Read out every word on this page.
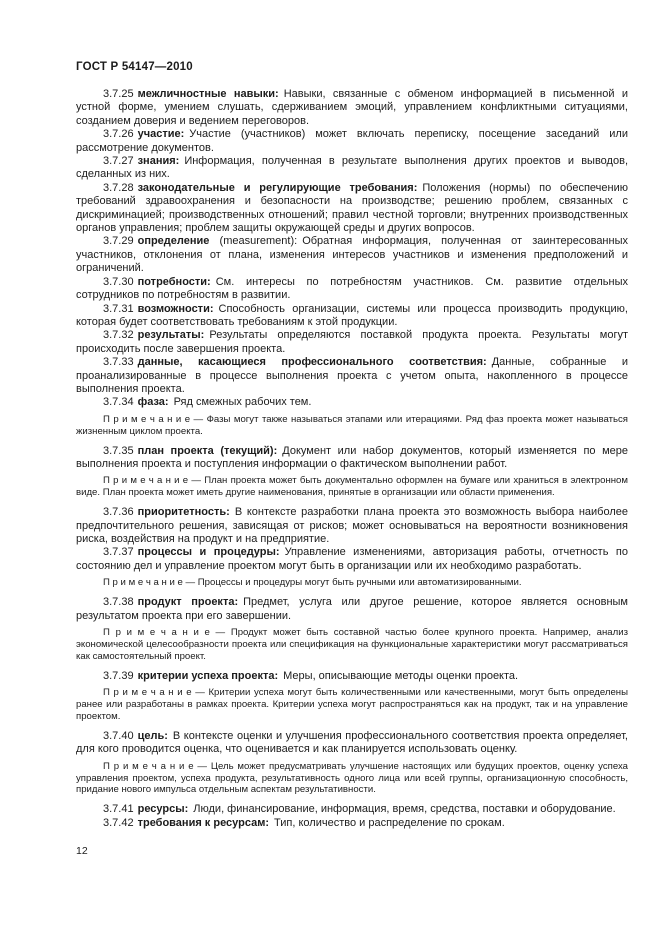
ГОСТ Р 54147—2010

3.7.25 межличностные навыки: Навыки, связанные с обменом информацией в письменной и устной форме, умением слушать, сдерживанием эмоций, управлением конфликтными ситуациями, созданием доверия и ведением переговоров.

3.7.26 участие: Участие (участников) может включать переписку, посещение заседаний или рассмотрение документов.

3.7.27 знания: Информация, полученная в результате выполнения других проектов и выводов, сделанных из них.

3.7.28 законодательные и регулирующие требования: Положения (нормы) по обеспечению требований здравоохранения и безопасности на производстве; решению проблем, связанных с дискриминацией; производственных отношений; правил честной торговли; внутренних производственных органов управления; проблем защиты окружающей среды и других вопросов.

3.7.29 определение (measurement): Обратная информация, полученная от заинтересованных участников, отклонения от плана, изменения интересов участников и изменения предположений и ограничений.

3.7.30 потребности: См. интересы по потребностям участников. См. развитие отдельных сотрудников по потребностям в развитии.

3.7.31 возможности: Способность организации, системы или процесса производить продукцию, которая будет соответствовать требованиям к этой продукции.

3.7.32 результаты: Результаты определяются поставкой продукта проекта. Результаты могут происходить после завершения проекта.

3.7.33 данные, касающиеся профессионального соответствия: Данные, собранные и проанализированные в процессе выполнения проекта с учетом опыта, накопленного в процессе выполнения проекта.

3.7.34 фаза: Ряд смежных рабочих тем.

П р и м е ч а н и е — Фазы могут также называться этапами или итерациями. Ряд фаз проекта может называться жизненным циклом проекта.

3.7.35 план проекта (текущий): Документ или набор документов, который изменяется по мере выполнения проекта и поступления информации о фактическом выполнении работ.

П р и м е ч а н и е — План проекта может быть документально оформлен на бумаге или храниться в электронном виде. План проекта может иметь другие наименования, принятые в организации или области применения.

3.7.36 приоритетность: В контексте разработки плана проекта это возможность выбора наиболее предпочтительного решения, зависящая от рисков; может основываться на вероятности возникновения риска, воздействия на продукт и на предприятие.

3.7.37 процессы и процедуры: Управление изменениями, авторизация работы, отчетность по состоянию дел и управление проектом могут быть в организации или их необходимо разработать.

П р и м е ч а н и е — Процессы и процедуры могут быть ручными или автоматизированными.

3.7.38 продукт проекта: Предмет, услуга или другое решение, которое является основным результатом проекта при его завершении.

П р и м е ч а н и е — Продукт может быть составной частью более крупного проекта. Например, анализ экономической целесообразности проекта или спецификация на функциональные характеристики могут рассматриваться как самостоятельный проект.

3.7.39 критерии успеха проекта: Меры, описывающие методы оценки проекта.

П р и м е ч а н и е — Критерии успеха могут быть количественными или качественными, могут быть определены ранее или разработаны в рамках проекта. Критерии успеха могут распространяться как на продукт, так и на управление проектом.

3.7.40 цель: В контексте оценки и улучшения профессионального соответствия проекта определяет, для кого проводится оценка, что оценивается и как планируется использовать оценку.

П р и м е ч а н и е — Цель может предусматривать улучшение настоящих или будущих проектов, оценку успеха управления проектом, успеха продукта, результативность одного лица или всей группы, организационную способность, придание нового импульса отдельным аспектам результативности.

3.7.41 ресурсы: Люди, финансирование, информация, время, средства, поставки и оборудование.

3.7.42 требования к ресурсам: Тип, количество и распределение по срокам.

12
